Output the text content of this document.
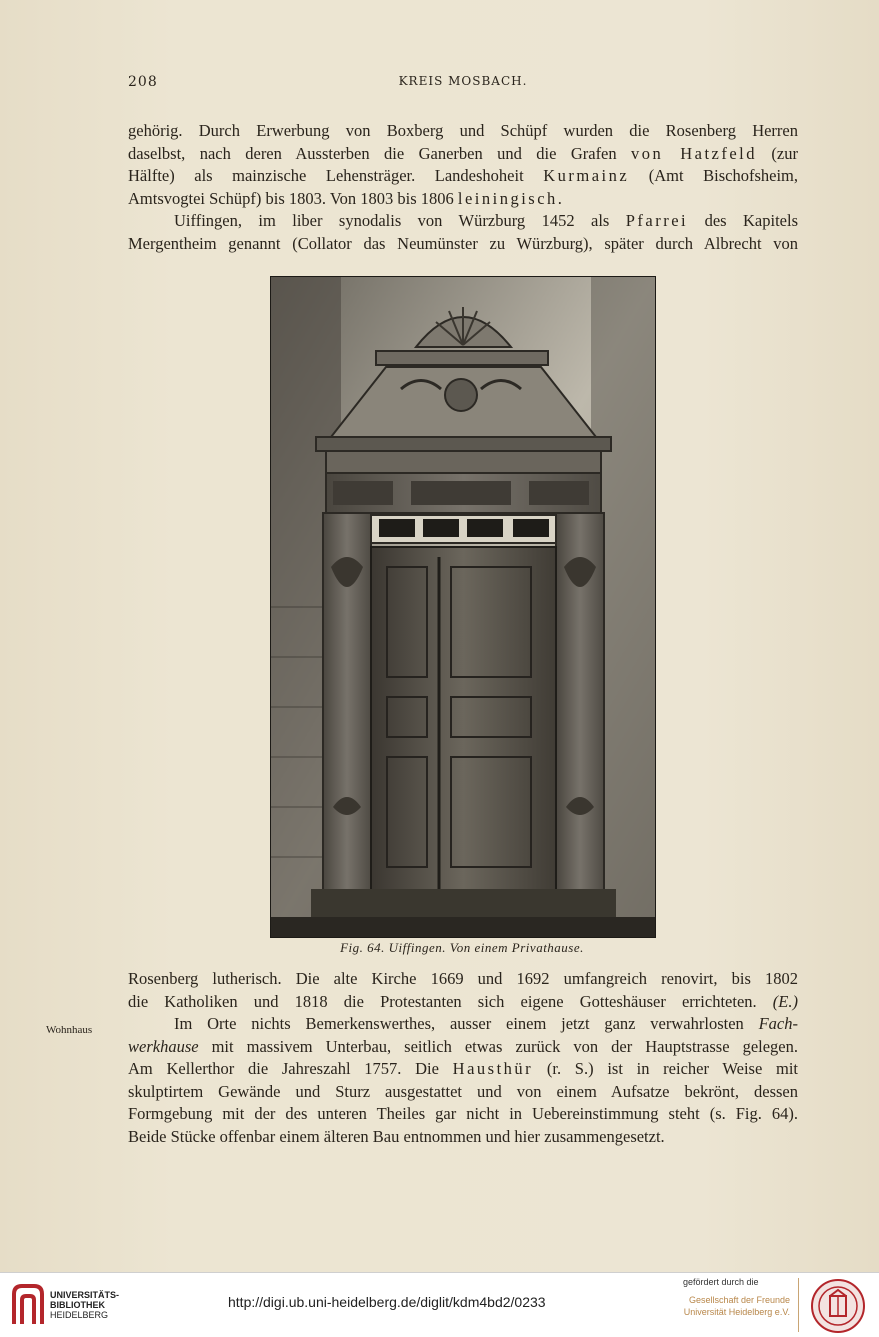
208	KREIS MOSBACH.
gehörig. Durch Erwerbung von Boxberg und Schüpf wurden die Rosenberg Herren
daselbst, nach deren Aussterben die Ganerben und die Grafen von Hatzfeld (zur
Hälfte) als mainzische Lehensträger. Landeshoheit Kurmainz (Amt Bischofsheim,
Amtsvogtei Schüpf) bis 1803. Von 1803 bis 1806 leiningisch.
Uiffingen, im liber synodalis von Würzburg 1452 als Pfarrei des Kapitels
Mergentheim genannt (Collator das Neumünster zu Würzburg), später durch Albrecht von
Fig. 64. Uiffingen. Von einem Privathause.
Rosenberg lutherisch. Die alte Kirche 1669 und 1692 umfangreich renovirt, bis 1802
die Katholiken und 1818 die Protestanten sich eigene Gotteshäuser errichteten. (E.)
Im Orte nichts Bemerkenswerthes, ausser einem jetzt ganz verwahrlosten Fach-
werkhause mit massivem Unterbau, seitlich etwas zurück von der Hauptstrasse gelegen.
Am Kellerthor die Jahreszahl 1757. Die Hausthür (r. S.) ist in reicher Weise mit
skulptirtem Gewände und Sturz ausgestattet und von einem Aufsatze bekrönt, dessen
Formgebung mit der des unteren Theiles gar nicht in Uebereinstimmung steht (s. Fig. 64).
Beide Stücke offenbar einem älteren Bau entnommen und hier zusammengesetzt.
Wohnhaus
UNIVERSITÄTS-
BIBLIOTHEK
HEIDELBERG
http://digi.ub.uni-heidelberg.de/diglit/kdm4bd2/0233
gefördert durch die
Gesellschaft der Freunde
Universität Heidelberg e.V.
